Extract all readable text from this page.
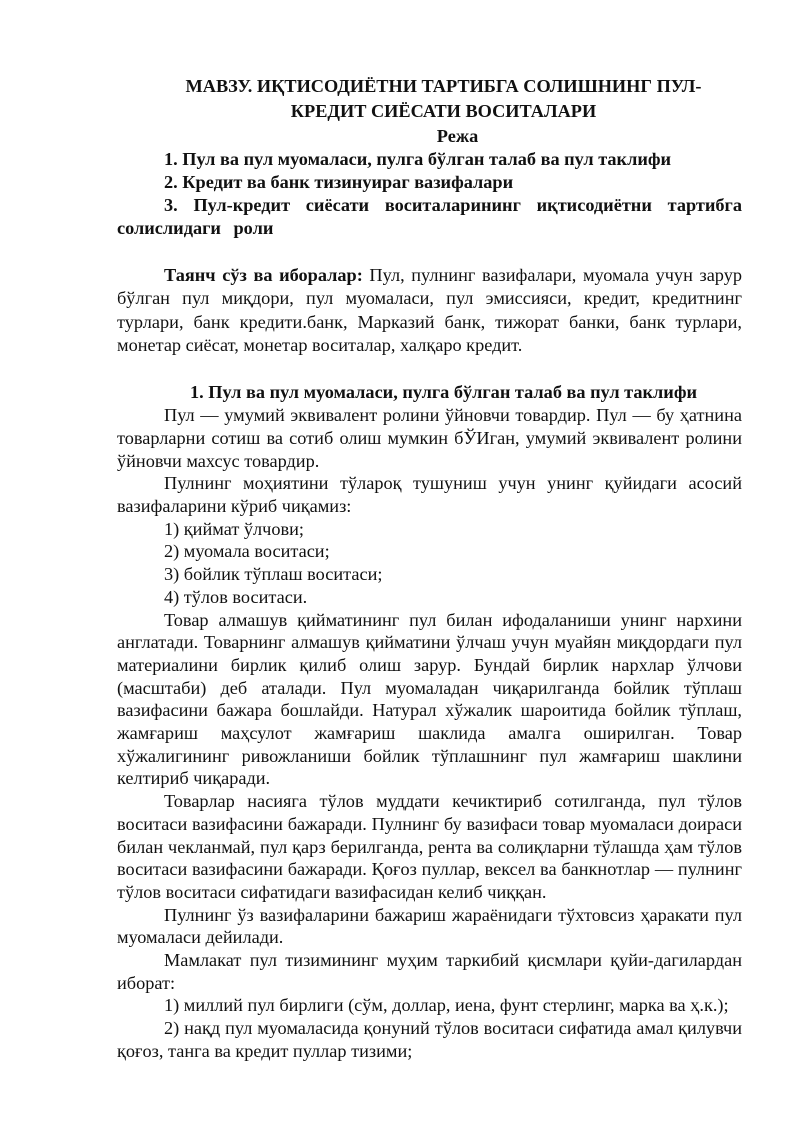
МАВЗУ. ИҚТИСОДИЁТНИ ТАРТИБГА СОЛИШНИНГ ПУЛ-
КРЕДИТ СИЁСАТИ ВОСИТАЛАРИ
Режа
1. Пул ва пул муомаласи, пулга бўлган талаб ва пул таклифи
2. Кредит ва банк тизинуираг вазифалари
3. Пул-кредит сиёсати воситаларининг иқтисодиётни тартибга солислидаги роли
Таянч сўз ва иборалар: Пул, пулнинг вазифалари, муомала учун зарур бўлган пул миқдори, пул муомаласи, пул эмиссияси, кредит, кредитнинг турлари, банк кредити.банк, Марказий банк, тижорат банки, банк турлари, монетар сиёсат, монетар воситалар, халқаро кредит.
1. Пул ва пул муомаласи, пулга бўлган талаб ва пул таклифи
Пул — умумий эквивалент ролини ўйновчи товардир. Пул — бу ҳатнина товарларни сотиш ва сотиб олиш мумкин бЎИган, умумий эквивалент ролини ўйновчи махсус товардир.
Пулнинг моҳиятини тўлароқ тушуниш учун унинг қуйидаги асосий вазифаларини кўриб чиқамиз:
1) қиймат ўлчови;
2) муомала воситаси;
3) бойлик тўплаш воситаси;
4) тўлов воситаси.
Товар алмашув қийматининг пул билан ифодаланиши унинг нархини англатади. Товарнинг алмашув қийматини ўлчаш учун муайян миқдордаги пул материалини бирлик қилиб олиш зарур. Бундай бирлик нархлар ўлчови (масштаби) деб аталади. Пул муомаладан чиқарилганда бойлик тўплаш вазифасини бажара бошлайди. Натурал хўжалик шароитида бойлик тўплаш, жамғариш маҳсулот жамғариш шаклида амалга оширилган. Товар хўжалигининг ривожланиши бойлик тўплашнинг пул жамғариш шаклини келтириб чиқаради.
Товарлар насияга тўлов муддати кечиктириб сотилганда, пул тўлов воситаси вазифасини бажаради. Пулнинг бу вазифаси товар муомаласи доираси билан чекланмай, пул қарз берилганда, рента ва солиқларни тўлашда ҳам тўлов воситаси вазифасини бажаради. Қоғоз пуллар, вексел ва банкнотлар — пулнинг тўлов воситаси сифатидаги вазифасидан келиб чиққан.
Пулнинг ўз вазифаларини бажариш жараёнидаги тўхтовсиз ҳаракати пул муомаласи дейилади.
Мамлакат пул тизимининг муҳим таркибий қисмлари қуйи-дагилардан иборат:
1) миллий пул бирлиги (сўм, доллар, иена, фунт стерлинг, марка ва ҳ.к.);
2) нақд пул муомаласида қонуний тўлов воситаси сифатида амал қилувчи қоғоз, танга ва кредит пуллар тизими;
